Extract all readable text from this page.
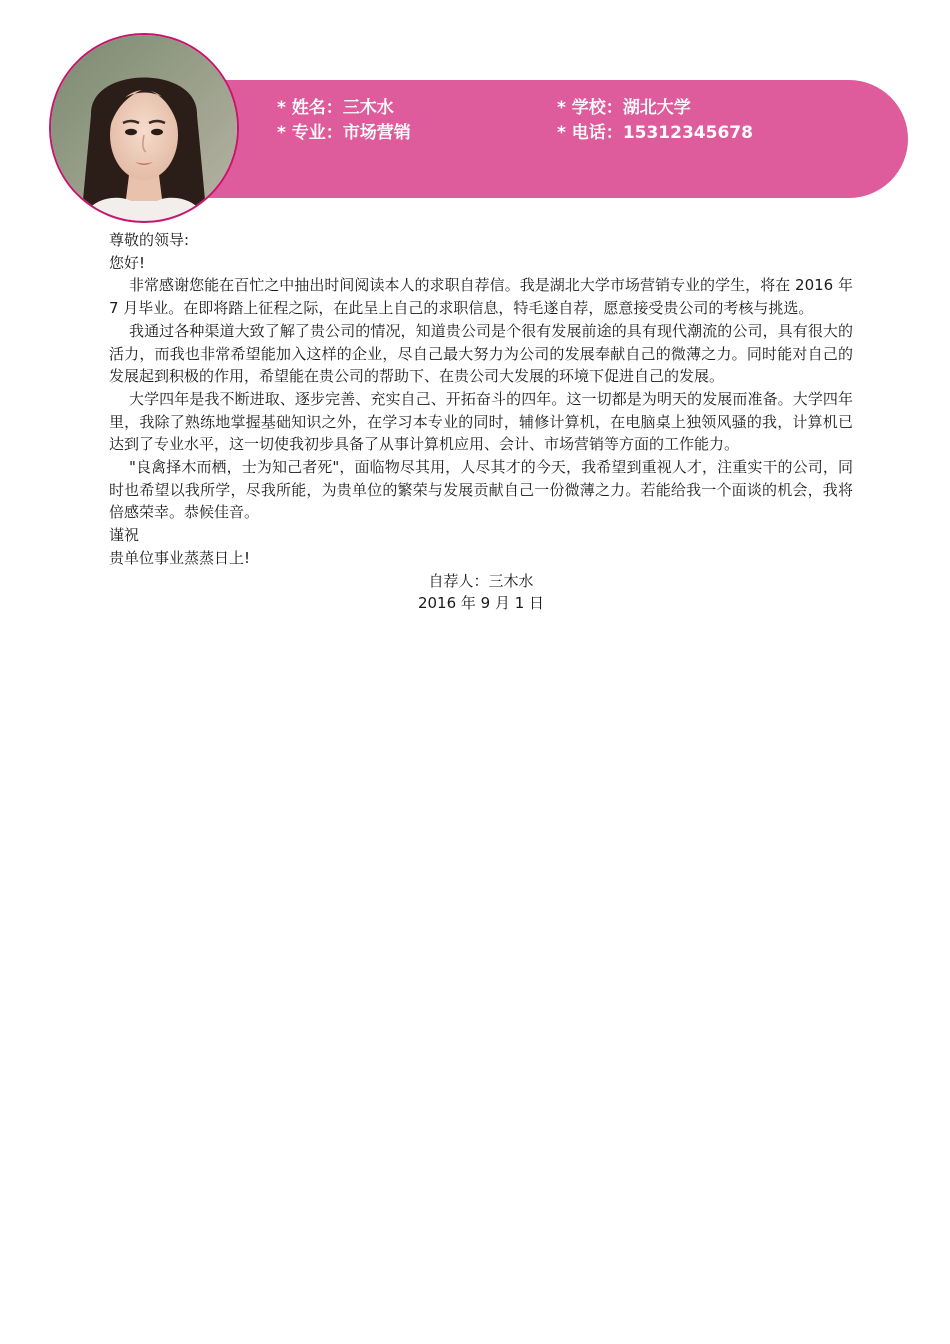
* 姓名：三木水
* 专业：市场营销
* 学校：湖北大学
* 电话：15312345678

尊敬的领导:

您好!

非常感谢您能在百忙之中抽出时间阅读本人的求职自荐信。我是湖北大学市场营销专业的学生，将在 2016 年 7 月毕业。在即将踏上征程之际，在此呈上自己的求职信息，特毛遂自荐，愿意接受贵公司的考核与挑选。

我通过各种渠道大致了解了贵公司的情况，知道贵公司是个很有发展前途的具有现代潮流的公司，具有很大的活力，而我也非常希望能加入这样的企业，尽自己最大努力为公司的发展奉献自己的微薄之力。同时能对自己的发展起到积极的作用，希望能在贵公司的帮助下、在贵公司大发展的环境下促进自己的发展。

大学四年是我不断进取、逐步完善、充实自己、开拓奋斗的四年。这一切都是为明天的发展而准备。大学四年里，我除了熟练地掌握基础知识之外，在学习本专业的同时，辅修计算机，在电脑桌上独领风骚的我，计算机已达到了专业水平，这一切使我初步具备了从事计算机应用、会计、市场营销等方面的工作能力。

"良禽择木而栖，士为知己者死"，面临物尽其用，人尽其才的今天，我希望到重视人才，注重实干的公司，同时也希望以我所学，尽我所能，为贵单位的繁荣与发展贡献自己一份微薄之力。若能给我一个面谈的机会，我将倍感荣幸。恭候佳音。

谨祝

贵单位事业蒸蒸日上!

自荐人：三木水

2016 年 9 月 1 日
